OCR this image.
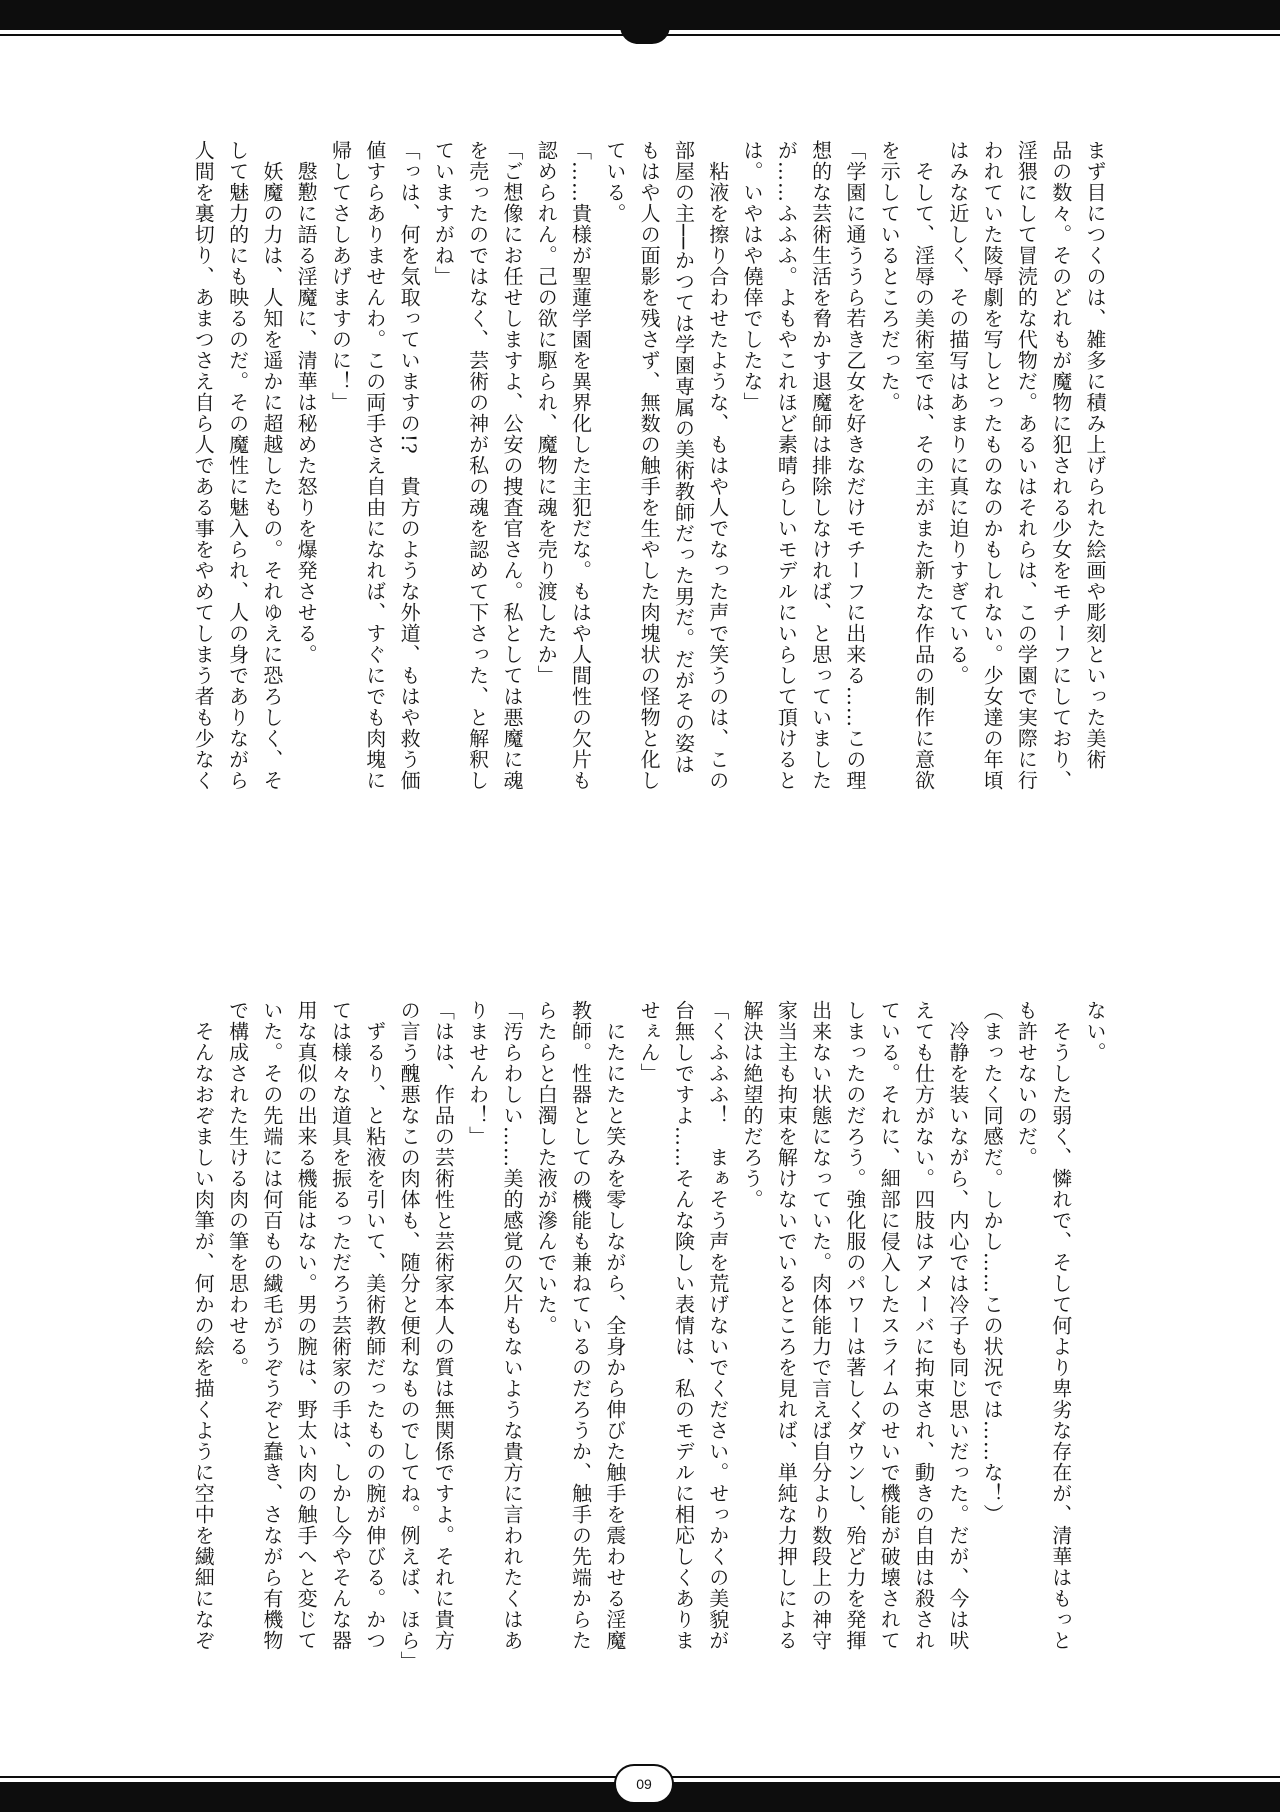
まず目につくのは、雑多に積み上げられた絵画や彫刻といった美術
品の数々。そのどれもが魔物に犯される少女をモチーフにしており、
淫猥にして冒涜的な代物だ。あるいはそれらは、この学園で実際に行
われていた陵辱劇を写しとったものなのかもしれない。少女達の年頃
はみな近しく、その描写はあまりに真に迫りすぎている。

　そして、淫辱の美術室では、その主がまた新たな作品の制作に意欲
を示しているところだった。

「学園に通ううら若き乙女を好きなだけモチーフに出来る……この理
想的な芸術生活を脅かす退魔師は排除しなければ、と思っていました
が……ふふふ。よもやこれほど素晴らしいモデルにいらして頂けると
は。いやはや僥倖でしたな」

　粘液を擦り合わせたような、もはや人でなった声で笑うのは、この
部屋の主──かつては学園専属の美術教師だった男だ。だがその姿は
もはや人の面影を残さず、無数の触手を生やした肉塊状の怪物と化し
ている。

「……貴様が聖蓮学園を異界化した主犯だな。もはや人間性の欠片も
認められん。己の欲に駆られ、魔物に魂を売り渡したか」

「ご想像にお任せしますよ、公安の捜査官さん。私としては悪魔に魂
を売ったのではなく、芸術の神が私の魂を認めて下さった、と解釈し
ていますがね」

「っは、何を気取っていますの!?　貴方のような外道、もはや救う価
値すらありませんわ。この両手さえ自由になれば、すぐにでも肉塊に
帰してさしあげますのに！」

　慇懃に語る淫魔に、清華は秘めた怒りを爆発させる。

　妖魔の力は、人知を遥かに超越したもの。それゆえに恐ろしく、そ
して魅力的にも映るのだ。その魔性に魅入られ、人の身でありながら
人間を裏切り、あまつさえ自ら人である事をやめてしまう者も少なく

ない。

　そうした弱く、憐れで、そして何より卑劣な存在が、清華はもっと
も許せないのだ。

（まったく同感だ。しかし……この状況では……な！）

　冷静を装いながら、内心では冷子も同じ思いだった。だが、今は吠
えても仕方がない。四肢はアメーバに拘束され、動きの自由は殺され
ている。それに、細部に侵入したスライムのせいで機能が破壊されて
しまったのだろう。強化服のパワーは著しくダウンし、殆ど力を発揮
出来ない状態になっていた。肉体能力で言えば自分より数段上の神守
家当主も拘束を解けないでいるところを見れば、単純な力押しによる
解決は絶望的だろう。

「くふふふ！　まぁそう声を荒げないでください。せっかくの美貌が
台無しですよ……そんな険しい表情は、私のモデルに相応しくありま
せぇん」

　にたにたと笑みを零しながら、全身から伸びた触手を震わせる淫魔
教師。性器としての機能も兼ねているのだろうか、触手の先端からた
らたらと白濁した液が滲んでいた。

「汚らわしい……美的感覚の欠片もないような貴方に言われたくはあ
りませんわ！」

「はは、作品の芸術性と芸術家本人の質は無関係ですよ。それに貴方
の言う醜悪なこの肉体も、随分と便利なものでしてね。例えば、ほら」

　ずるり、と粘液を引いて、美術教師だったものの腕が伸びる。かつ
ては様々な道具を振るっただろう芸術家の手は、しかし今やそんな器
用な真似の出来る機能はない。男の腕は、野太い肉の触手へと変じて
いた。その先端には何百もの繊毛がうぞうぞと蠢き、さながら有機物
で構成された生ける肉の筆を思わせる。

　そんなおぞましい肉筆が、何かの絵を描くように空中を繊細になぞ

09
